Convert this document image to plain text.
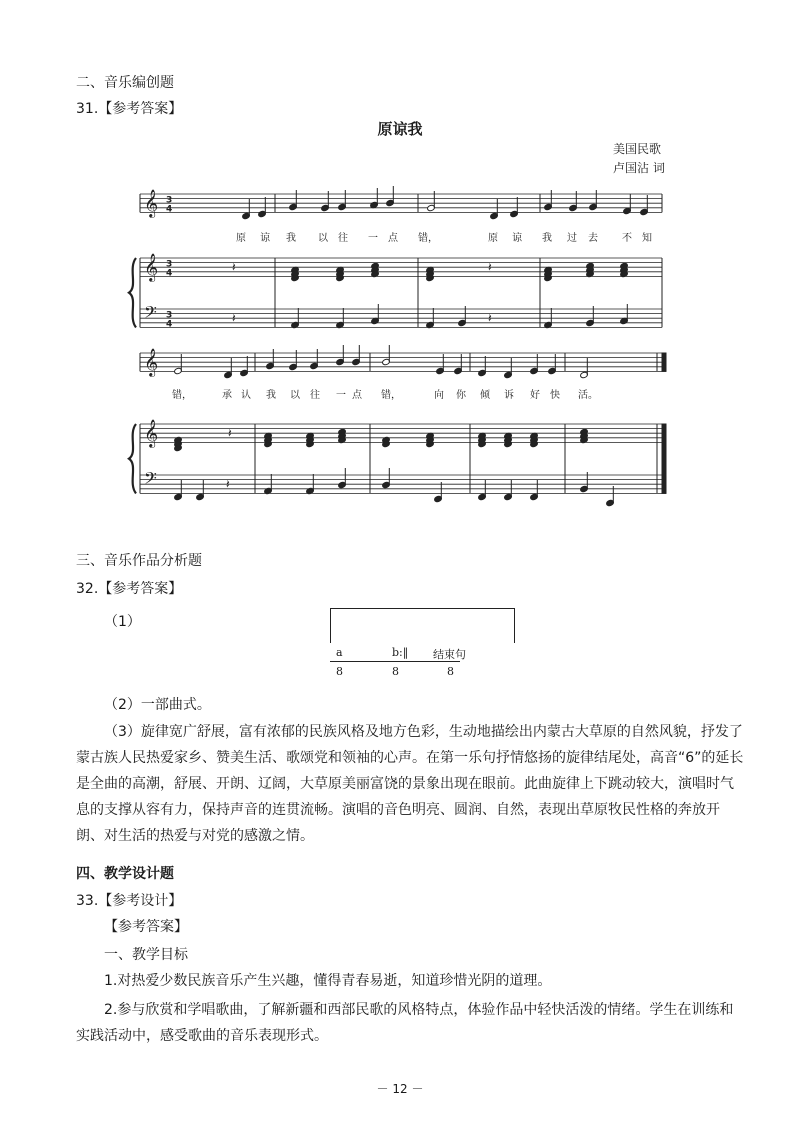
二、音乐编创题
31.【参考答案】
原谅我
美国民歌
卢国沾 词
𝄽
𝄽
𝄽
𝄽
𝄽
𝄽
原 谅 我 以 往 一 点 错，	原 谅 我 过 去 不 知
错，	承 认 我 以 往 一 点 错，	向 你 倾 诉 好 快 活。
𝄞
𝄞
𝄢
𝄞
𝄞
𝄢
3
4
3
4
3
4
三、音乐作品分析题
32.【参考答案】
（1）
a	b:‖ 结束句
8	8	8
（2）一部曲式。
（3）旋律宽广舒展，富有浓郁的民族风格及地方色彩，生动地描绘出内蒙古大草原的自然风貌，抒发了蒙古族人民热爱家乡、赞美生活、歌颂党和领袖的心声。在第一乐句抒情悠扬的旋律结尾处，高音“6”的延长是全曲的高潮，舒展、开朗、辽阔，大草原美丽富饶的景象出现在眼前。此曲旋律上下跳动较大，演唱时气息的支撑从容有力，保持声音的连贯流畅。演唱的音色明亮、圆润、自然，表现出草原牧民性格的奔放开朗、对生活的热爱与对党的感激之情。
四、教学设计题
33.【参考设计】
【参考答案】
一、教学目标
1.对热爱少数民族音乐产生兴趣，懂得青春易逝，知道珍惜光阴的道理。
2.参与欣赏和学唱歌曲，了解新疆和西部民歌的风格特点，体验作品中轻快活泼的情绪。学生在训练和实践活动中，感受歌曲的音乐表现形式。
－ 12 －
